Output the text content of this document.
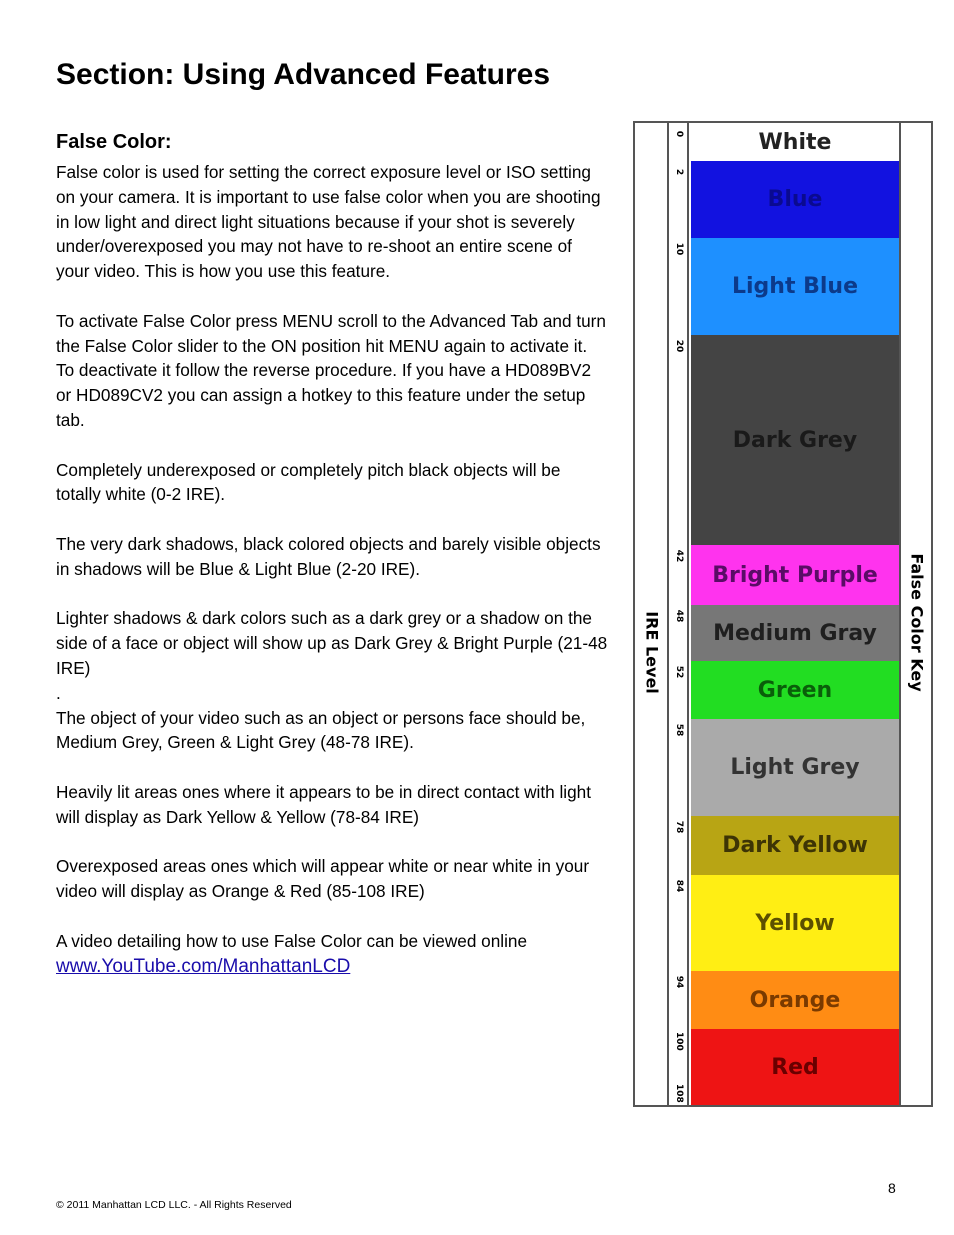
Section: Using Advanced Features
False Color:

False color is used for setting the correct exposure level or ISO setting on your camera. It is important to use false color when you are shooting in low light and direct light situations because if your shot is severely under/overexposed you may not have to re-shoot an entire scene of your video. This is how you use this feature.

To activate False Color press MENU scroll to the Advanced Tab and turn the False Color slider to the ON position hit MENU again to activate it. To deactivate it follow the reverse procedure. If you have a HD089BV2 or HD089CV2 you can assign a hotkey to this feature under the setup tab.

Completely underexposed or completely pitch black objects will be totally white (0-2 IRE).

The very dark shadows, black colored objects and barely visible objects in shadows will be Blue & Light Blue (2-20 IRE).

Lighter shadows & dark colors such as a dark grey or a shadow on the side of a face or object will show up as Dark Grey & Bright Purple (21-48 IRE)

.

The object of your video such as an object or persons face should be, Medium Grey, Green & Light Grey (48-78 IRE).

Heavily lit areas ones where it appears to be in direct contact with light will display as Dark Yellow & Yellow (78-84 IRE)

Overexposed areas ones which will appear white or near white in your video will display as Orange & Red (85-108 IRE)

A video detailing how to use False Color can be viewed online

www.YouTube.com/ManhattanLCD
IRE Level
0
2
10
20
42
48
52
58
78
84
94
100
108
White
Blue
Light Blue
Dark Grey
Bright Purple
Medium Gray
Green
Light Grey
Dark Yellow
Yellow
Orange
Red
False Color Key
8
© 2011 Manhattan LCD LLC. - All Rights Reserved
